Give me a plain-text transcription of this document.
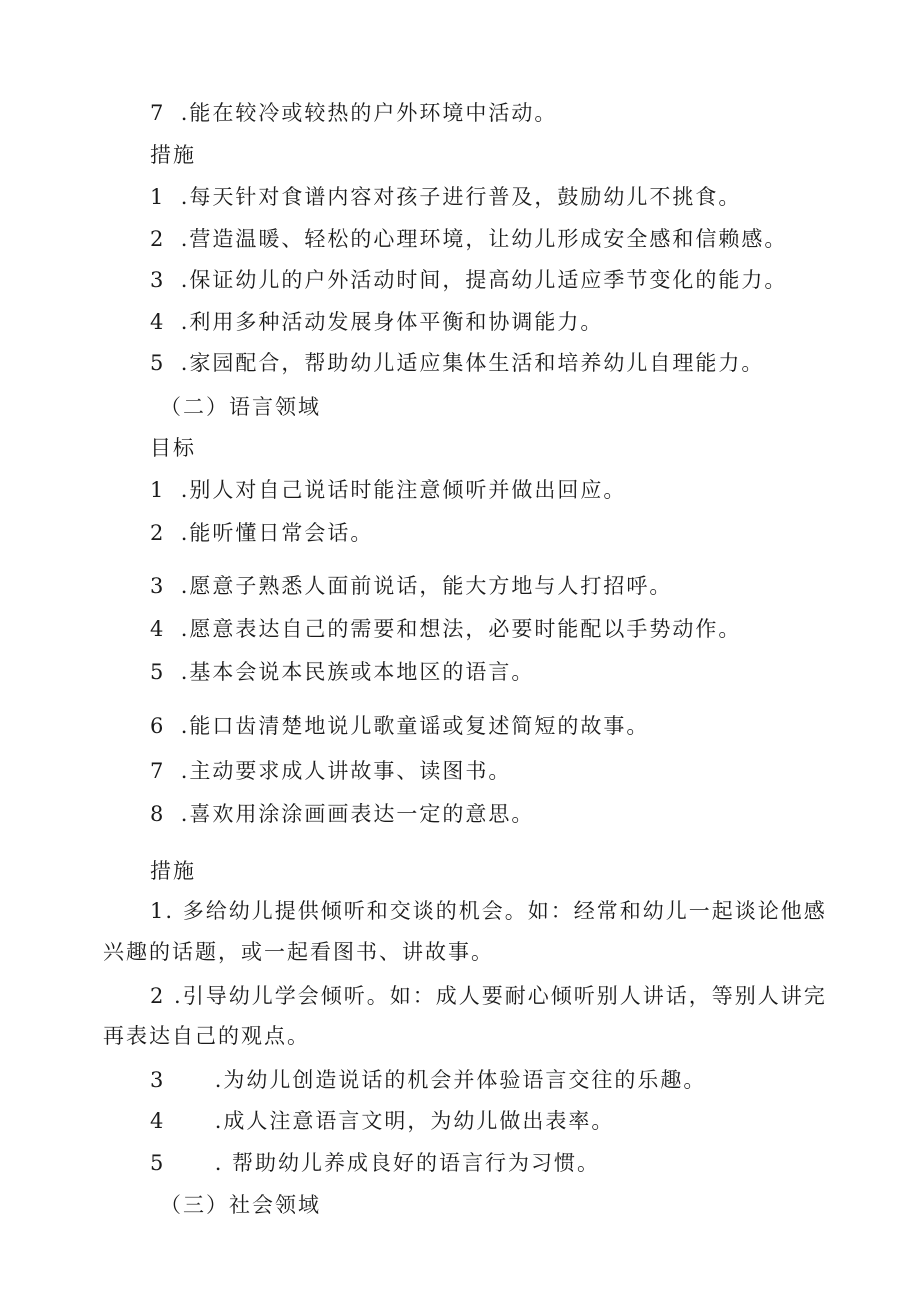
7 .能在较冷或较热的户外环境中活动。
措施
1 .每天针对食谱内容对孩子进行普及，鼓励幼儿不挑食。
2 .营造温暖、轻松的心理环境，让幼儿形成安全感和信赖感。
3 .保证幼儿的户外活动时间，提高幼儿适应季节变化的能力。
4 .利用多种活动发展身体平衡和协调能力。
5 .家园配合，帮助幼儿适应集体生活和培养幼儿自理能力。
（二）语言领域
目标
1 .别人对自己说话时能注意倾听并做出回应。
2 .能听懂日常会话。
3 .愿意子熟悉人面前说话，能大方地与人打招呼。
4 .愿意表达自己的需要和想法，必要时能配以手势动作。
5 .基本会说本民族或本地区的语言。
6 .能口齿清楚地说儿歌童谣或复述简短的故事。
7 .主动要求成人讲故事、读图书。
8 .喜欢用涂涂画画表达一定的意思。
措施
1. 多给幼儿提供倾听和交谈的机会。如：经常和幼儿一起谈论他感
兴趣的话题，或一起看图书、讲故事。
2 .引导幼儿学会倾听。如：成人要耐心倾听别人讲话，等别人讲完
再表达自己的观点。
3 .为幼儿创造说话的机会并体验语言交往的乐趣。
4 .成人注意语言文明，为幼儿做出表率。
5 . 帮助幼儿养成良好的语言行为习惯。
（三）社会领域
